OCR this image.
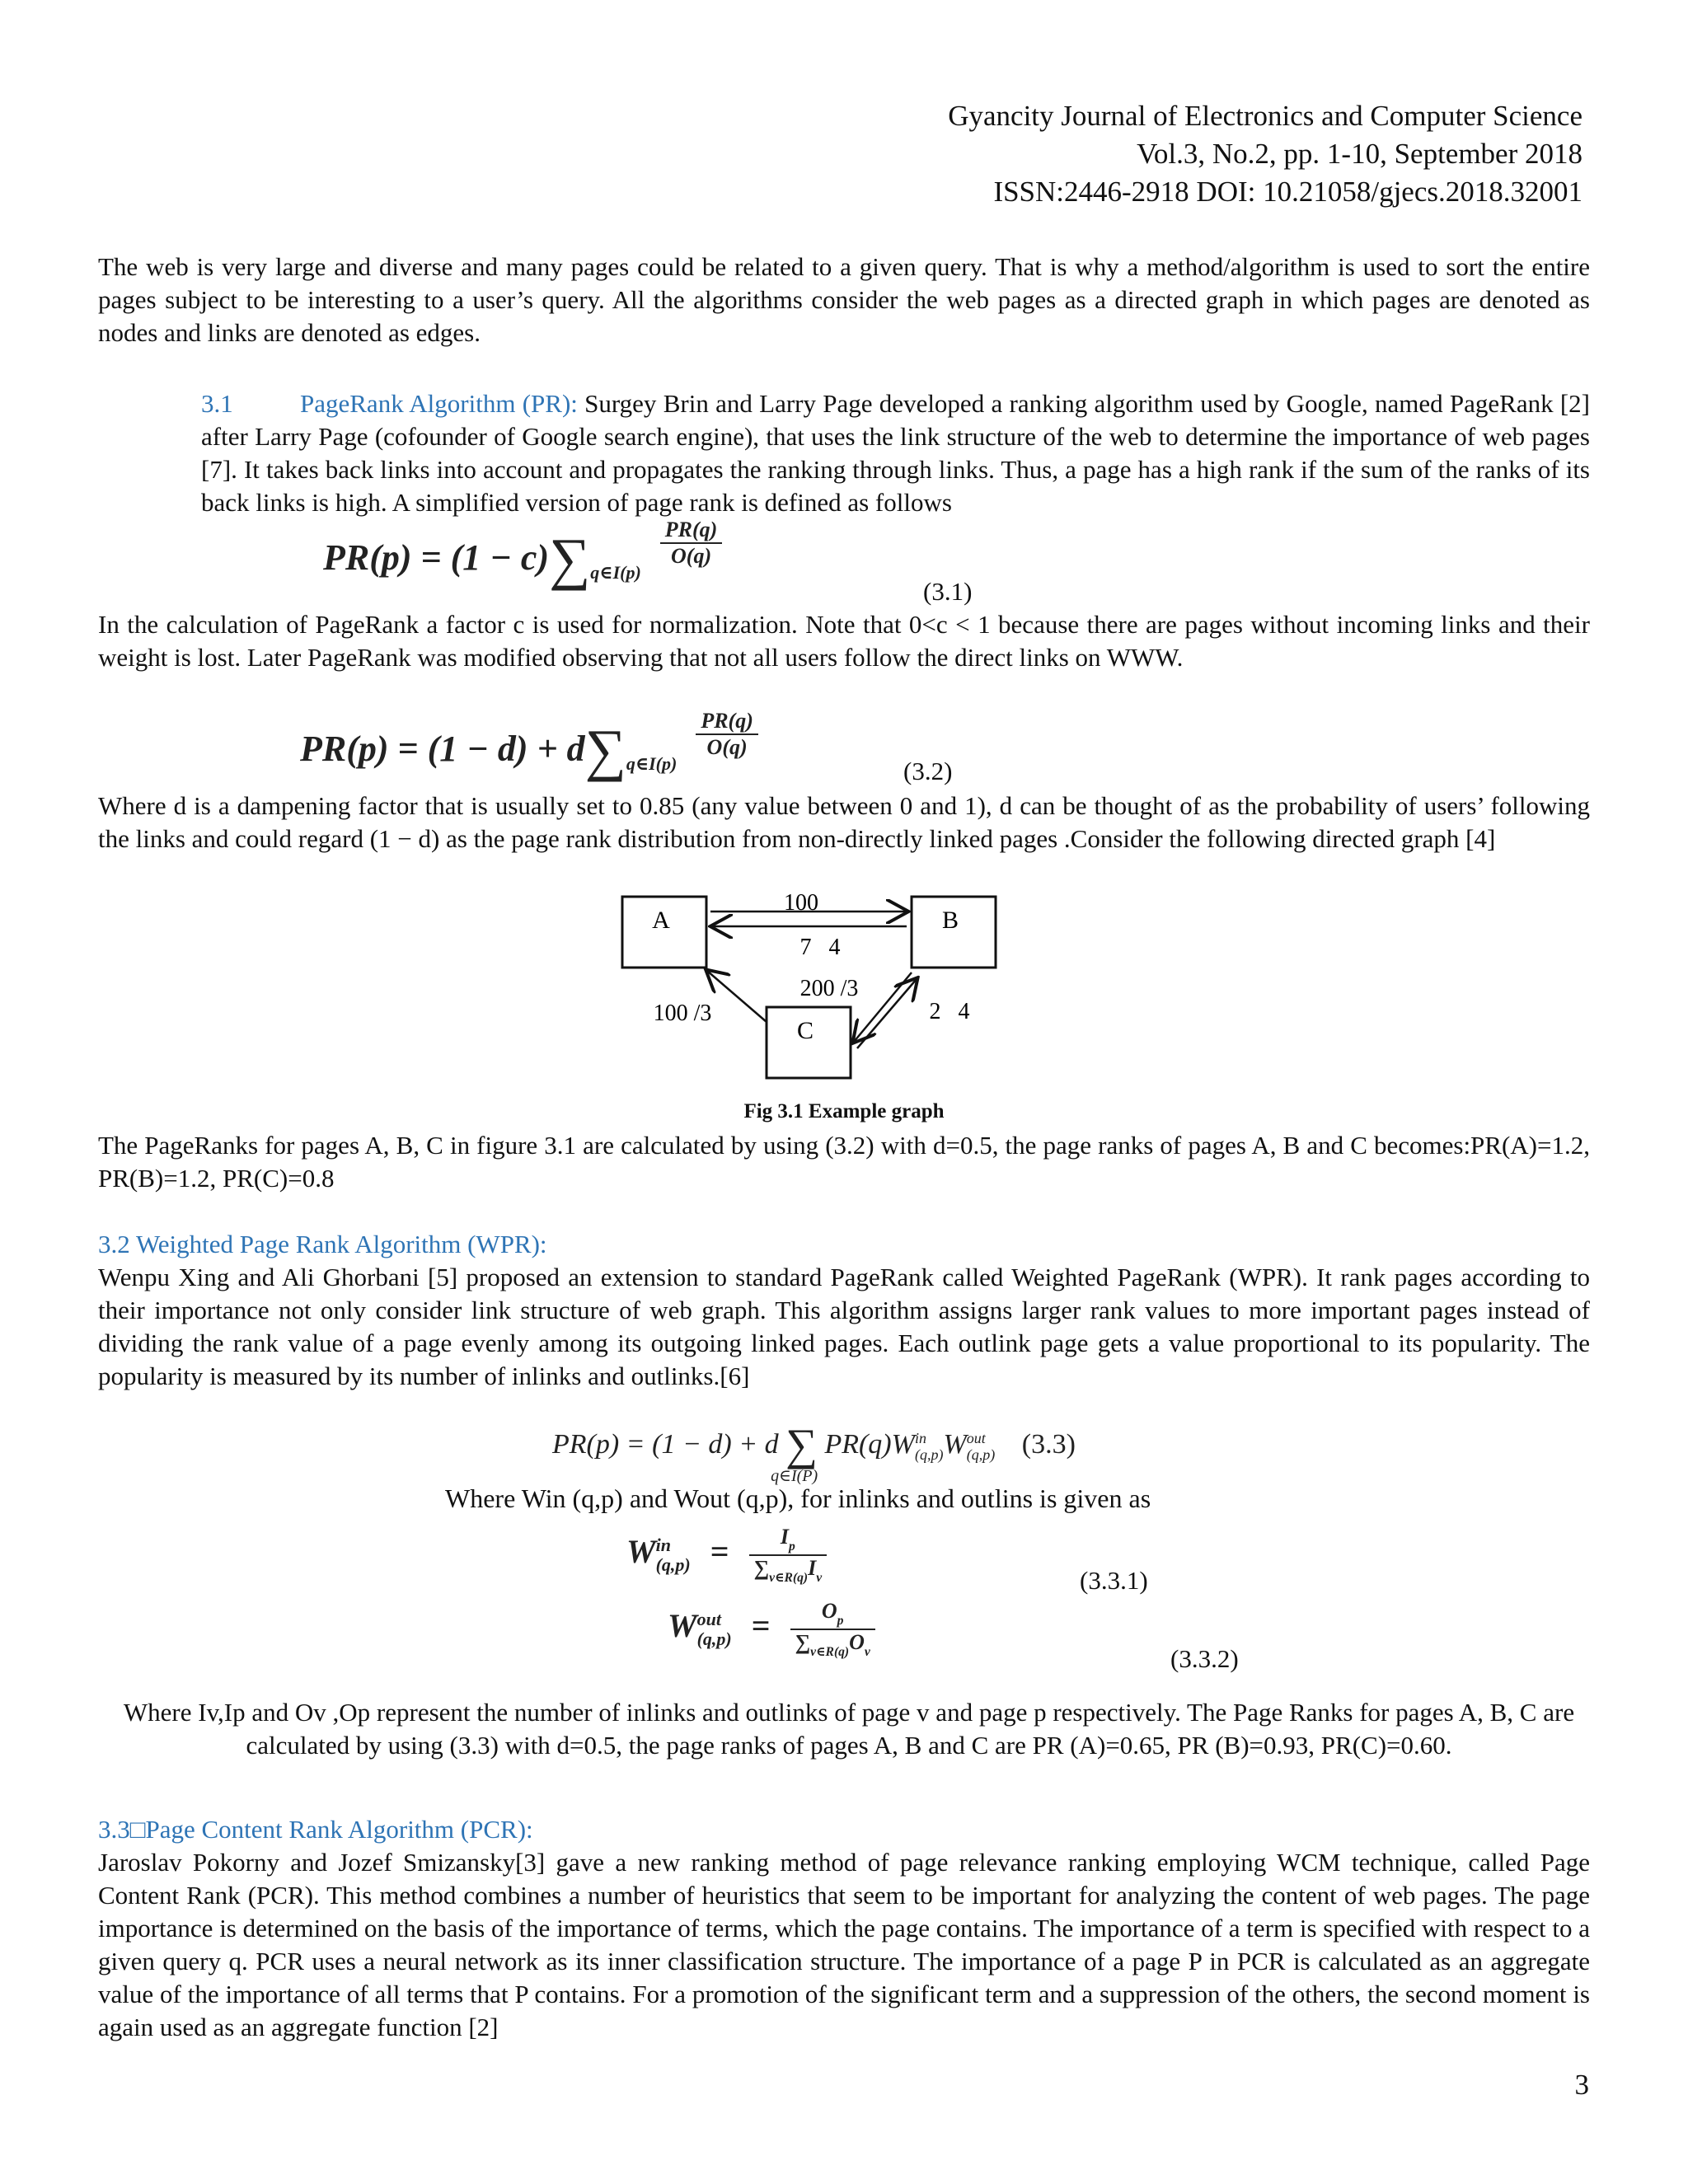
Gyancity Journal of Electronics and Computer Science
Vol.3, No.2, pp. 1-10, September 2018
ISSN:2446-2918 DOI: 10.21058/gjecs.2018.32001
The web is very large and diverse and many pages could be related to a given query. That is why a method/algorithm is used to sort the entire pages subject to be interesting to a user’s query. All the algorithms consider the web pages as a directed graph in which pages are denoted as nodes and links are denoted as edges.
3.1	PageRank Algorithm (PR): Surgey Brin and Larry Page developed a ranking algorithm used by Google, named PageRank [2] after Larry Page (cofounder of Google search engine), that uses the link structure of the web to determine the importance of web pages [7]. It takes back links into account and propagates the ranking through links. Thus, a page has a high rank if the sum of the ranks of its back links is high. A simplified version of page rank is defined as follows
$PR(p) = (1 - c)\sum_{q\in I(p)}$
$\frac{PR(q)}{O(q)}$
(3.1)
In the calculation of PageRank a factor c is used for normalization. Note that 0<c < 1 because there are pages without incoming links and their weight is lost. Later PageRank was modified observing that not all users follow the direct links on WWW.
$PR(p) = (1 - d) + d\sum_{q\in I(p)}$
$\frac{PR(q)}{O(q)}$
(3.2)
Where d is a dampening factor that is usually set to 0.85 (any value between 0 and 1), d can be thought of as the probability of users’ following the links and could regard (1 − d) as the page rank distribution from non-directly linked pages .Consider the following directed graph [4]
A	B
C
100
7   4
200 /3
100 /3	2   4
Fig 3.1 Example graph
The PageRanks for pages A, B, C in figure 3.1 are calculated by using (3.2) with d=0.5, the page ranks of pages A, B and C becomes:PR(A)=1.2, PR(B)=1.2, PR(C)=0.8
3.2 Weighted Page Rank Algorithm (WPR):
Wenpu Xing and Ali Ghorbani [5] proposed an extension to standard PageRank called Weighted PageRank (WPR). It rank pages according to their importance not only consider link structure of web graph. This algorithm assigns larger rank values to more important pages instead of dividing the rank value of a page evenly among its outgoing linked pages. Each outlink page gets a value proportional to its popularity. The popularity is measured by its number of inlinks and outlinks.[6]
PR(p) = (1 − d) + d ∑
q∈I(P)
PR(q)W in
(q,p) W out
(q,p) (3.3)
Where Win (q,p) and Wout (q,p), for inlinks and outlins is given as
W in
$(q,p) = \frac{I_p}{\sum_{v\in R(q)}I_v}$	(3.3.1)
W out
$(q,p) = \frac{O_p}{\sum_{v\in R(q)}O_v}$	(3.3.2)
Where Iv,Ip and Ov ,Op represent the number of inlinks and outlinks of page v and page p respectively. The Page Ranks for pages A, B, C are calculated by using (3.3) with d=0.5, the page ranks of pages A, B and C are PR (A)=0.65, PR (B)=0.93, PR(C)=0.60.
3.3□Page Content Rank Algorithm (PCR):
Jaroslav Pokorny and Jozef Smizansky[3] gave a new ranking method of page relevance ranking employing WCM technique, called Page Content Rank (PCR). This method combines a number of heuristics that seem to be important for analyzing the content of web pages. The page importance is determined on the basis of the importance of terms, which the page contains. The importance of a term is specified with respect to a given query q. PCR uses a neural network as its inner classification structure. The importance of a page P in PCR is calculated as an aggregate value of the importance of all terms that P contains. For a promotion of the significant term and a suppression of the others, the second moment is again used as an aggregate function [2]
3
